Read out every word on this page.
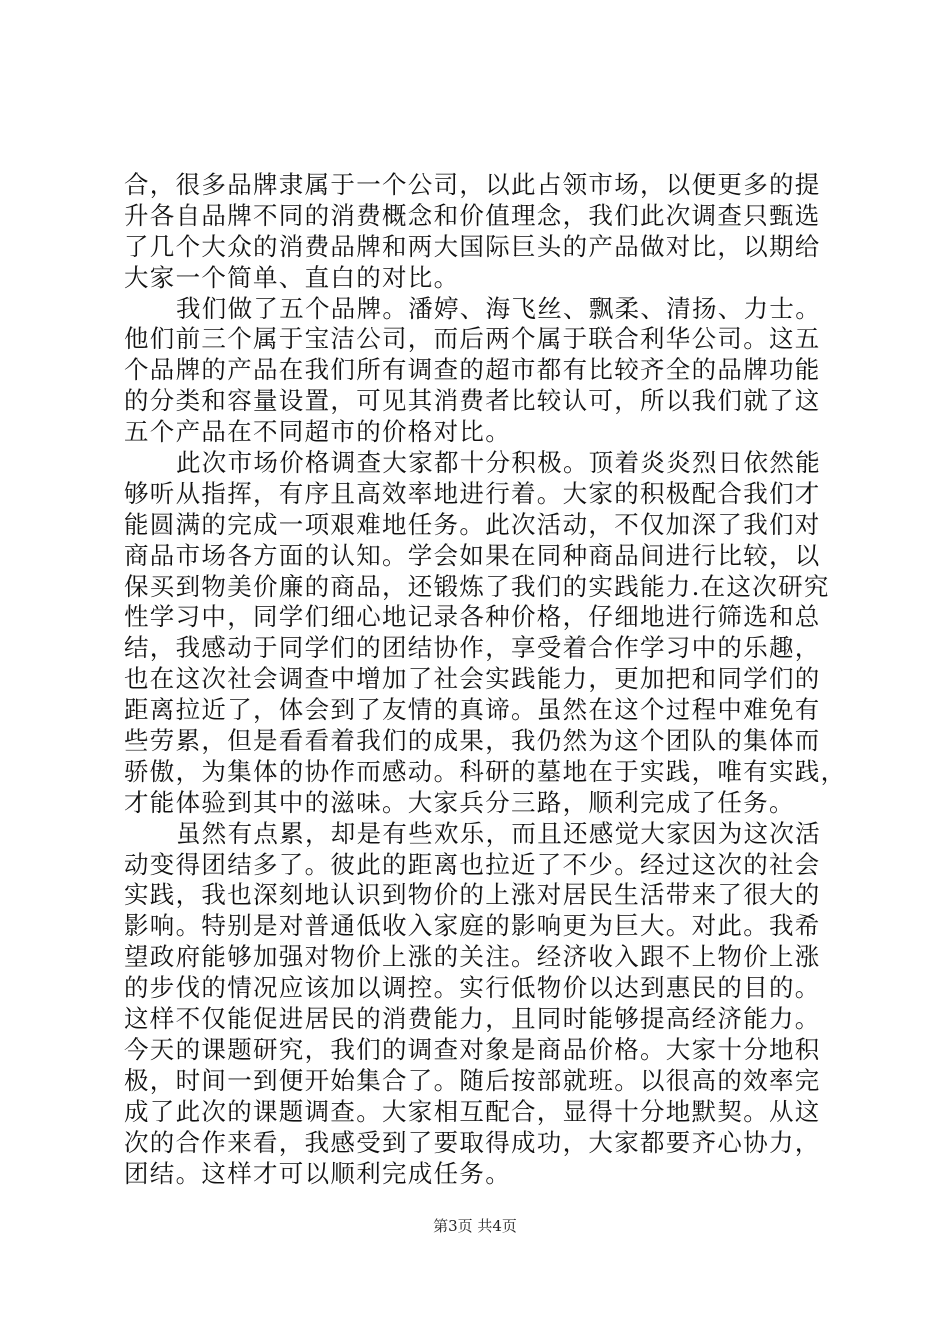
合，很多品牌隶属于一个公司，以此占领市场，以便更多的提
升各自品牌不同的消费概念和价值理念，我们此次调查只甄选
了几个大众的消费品牌和两大国际巨头的产品做对比，以期给
大家一个简单、直白的对比。
我们做了五个品牌。潘婷、海飞丝、飘柔、清扬、力士。
他们前三个属于宝洁公司，而后两个属于联合利华公司。这五
个品牌的产品在我们所有调查的超市都有比较齐全的品牌功能
的分类和容量设置，可见其消费者比较认可，所以我们就了这
五个产品在不同超市的价格对比。
此次市场价格调查大家都十分积极。顶着炎炎烈日依然能
够听从指挥，有序且高效率地进行着。大家的积极配合我们才
能圆满的完成一项艰难地任务。此次活动，不仅加深了我们对
商品市场各方面的认知。学会如果在同种商品间进行比较，以
保买到物美价廉的商品，还锻炼了我们的实践能力.在这次研究
性学习中，同学们细心地记录各种价格，仔细地进行筛选和总
结，我感动于同学们的团结协作，享受着合作学习中的乐趣，
也在这次社会调查中增加了社会实践能力，更加把和同学们的
距离拉近了，体会到了友情的真谛。虽然在这个过程中难免有
些劳累，但是看看着我们的成果，我仍然为这个团队的集体而
骄傲，为集体的协作而感动。科研的墓地在于实践，唯有实践，
才能体验到其中的滋味。大家兵分三路，顺利完成了任务。
虽然有点累，却是有些欢乐，而且还感觉大家因为这次活
动变得团结多了。彼此的距离也拉近了不少。经过这次的社会
实践，我也深刻地认识到物价的上涨对居民生活带来了很大的
影响。特别是对普通低收入家庭的影响更为巨大。对此。我希
望政府能够加强对物价上涨的关注。经济收入跟不上物价上涨
的步伐的情况应该加以调控。实行低物价以达到惠民的目的。
这样不仅能促进居民的消费能力，且同时能够提高经济能力。
今天的课题研究，我们的调查对象是商品价格。大家十分地积
极，时间一到便开始集合了。随后按部就班。以很高的效率完
成了此次的课题调查。大家相互配合，显得十分地默契。从这
次的合作来看，我感受到了要取得成功，大家都要齐心协力，
团结。这样才可以顺利完成任务。
第3页 共4页
